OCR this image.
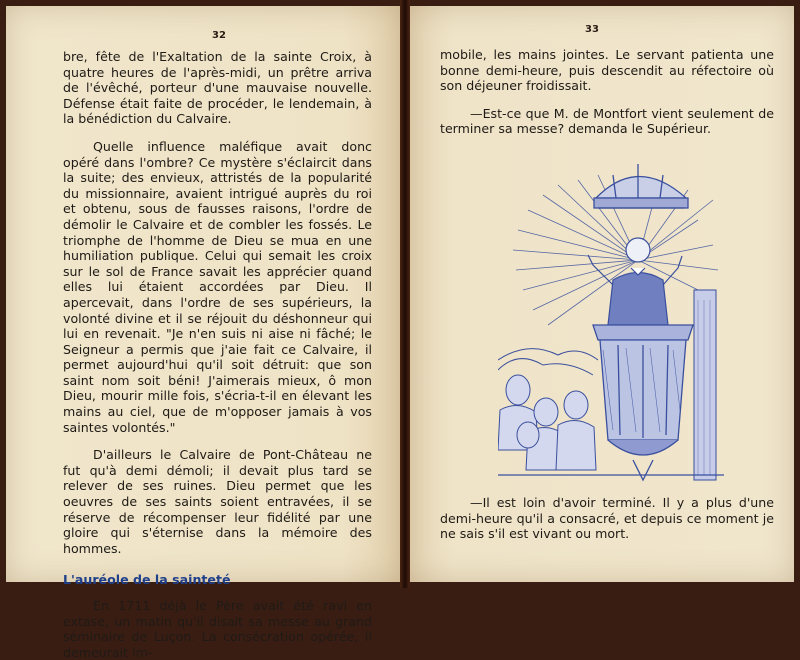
32

bre, fête de l'Exaltation de la sainte Croix, à quatre heures de l'après-midi, un prêtre arriva de l'évêché, porteur d'une mauvaise nouvelle. Défense était faite de procéder, le lendemain, à la bénédiction du Calvaire.

Quelle influence maléfique avait donc opéré dans l'ombre? Ce mystère s'éclaircit dans la suite; des envieux, attristés de la popularité du missionnaire, avaient intrigué auprès du roi et obtenu, sous de fausses raisons, l'ordre de démolir le Calvaire et de combler les fossés. Le triomphe de l'homme de Dieu se mua en une humiliation publique. Celui qui semait les croix sur le sol de France savait les apprécier quand elles lui étaient accordées par Dieu. Il apercevait, dans l'ordre de ses supérieurs, la volonté divine et il se réjouit du déshonneur qui lui en revenait. "Je n'en suis ni aise ni fâché; le Seigneur a permis que j'aie fait ce Calvaire, il permet aujourd'hui qu'il soit détruit: que son saint nom soit béni! J'aimerais mieux, ô mon Dieu, mourir mille fois, s'écria-t-il en élevant les mains au ciel, que de m'opposer jamais à vos saintes volontés."

D'ailleurs le Calvaire de Pont-Château ne fut qu'à demi démoli; il devait plus tard se relever de ses ruines. Dieu permet que les oeuvres de ses saints soient entravées, il se réserve de récompenser leur fidélité par une gloire qui s'éternise dans la mémoire des hommes.

L'auréole de la sainteté

En 1711 déjà le Père avait été ravi en extase, un matin qu'il disait sa messe au grand séminaire de Luçon. La consécration opérée, il demeurait im-

33

mobile, les mains jointes. Le servant patienta une bonne demi-heure, puis descendit au réfectoire où son déjeuner froidissait.

—Est-ce que M. de Montfort vient seulement de terminer sa messe? demanda le Supérieur.

—Il est loin d'avoir terminé. Il y a plus d'une demi-heure qu'il a consacré, et depuis ce moment je ne sais s'il est vivant ou mort.
